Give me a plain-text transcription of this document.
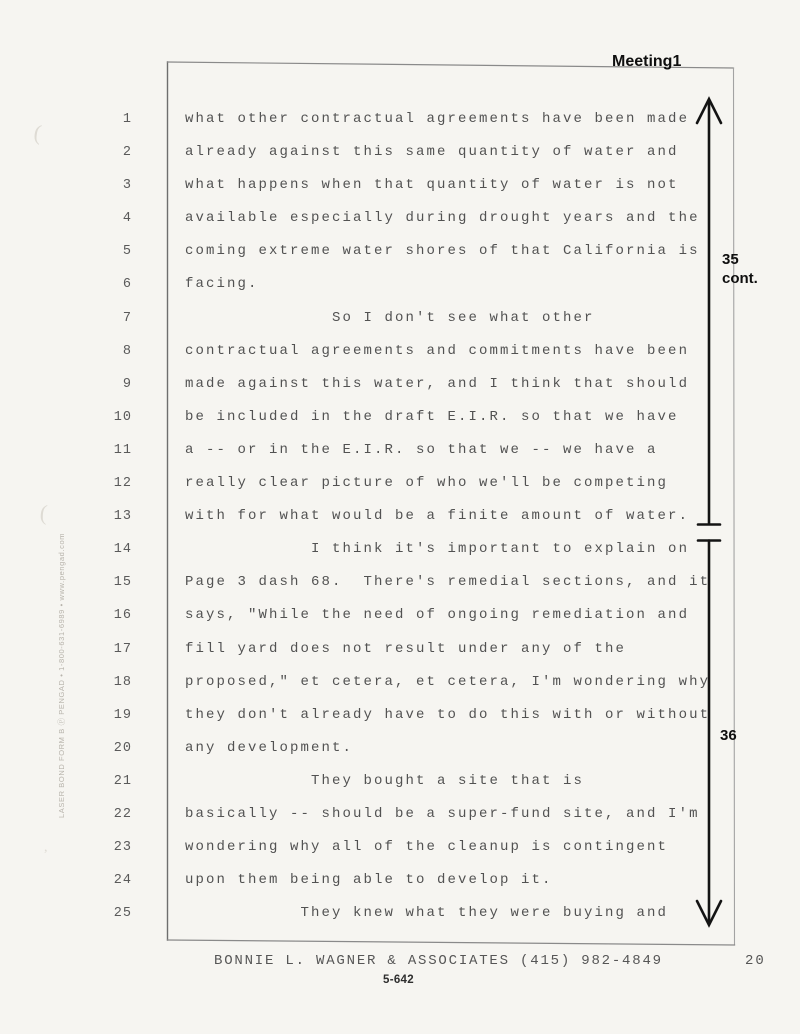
Meeting1
35
cont.
36
1	what other contractual agreements have been made
2	already against this same quantity of water and
3	what happens when that quantity of water is not
4	available especially during drought years and the
5	coming extreme water shores of that California is
6	facing.
7	So I don't see what other
8	contractual agreements and commitments have been
9	made against this water, and I think that should
10	be included in the draft E.I.R. so that we have
11	a -- or in the E.I.R. so that we -- we have a
12	really clear picture of who we'll be competing
13	with for what would be a finite amount of water.
14	I think it's important to explain on
15	Page 3 dash 68.  There's remedial sections, and it
16	says, "While the need of ongoing remediation and
17	fill yard does not result under any of the
18	proposed," et cetera, et cetera, I'm wondering why
19	they don't already have to do this with or without
20	any development.
21	They bought a site that is
22	basically -- should be a super-fund site, and I'm
23	wondering why all of the cleanup is contingent
24	upon them being able to develop it.
25	They knew what they were buying and
BONNIE L. WAGNER & ASSOCIATES (415) 982-4849	20
5-642
LASER BOND FORM B Ⓟ PENGAD • 1-800-631-6989 • www.pengad.com
(
(
,
